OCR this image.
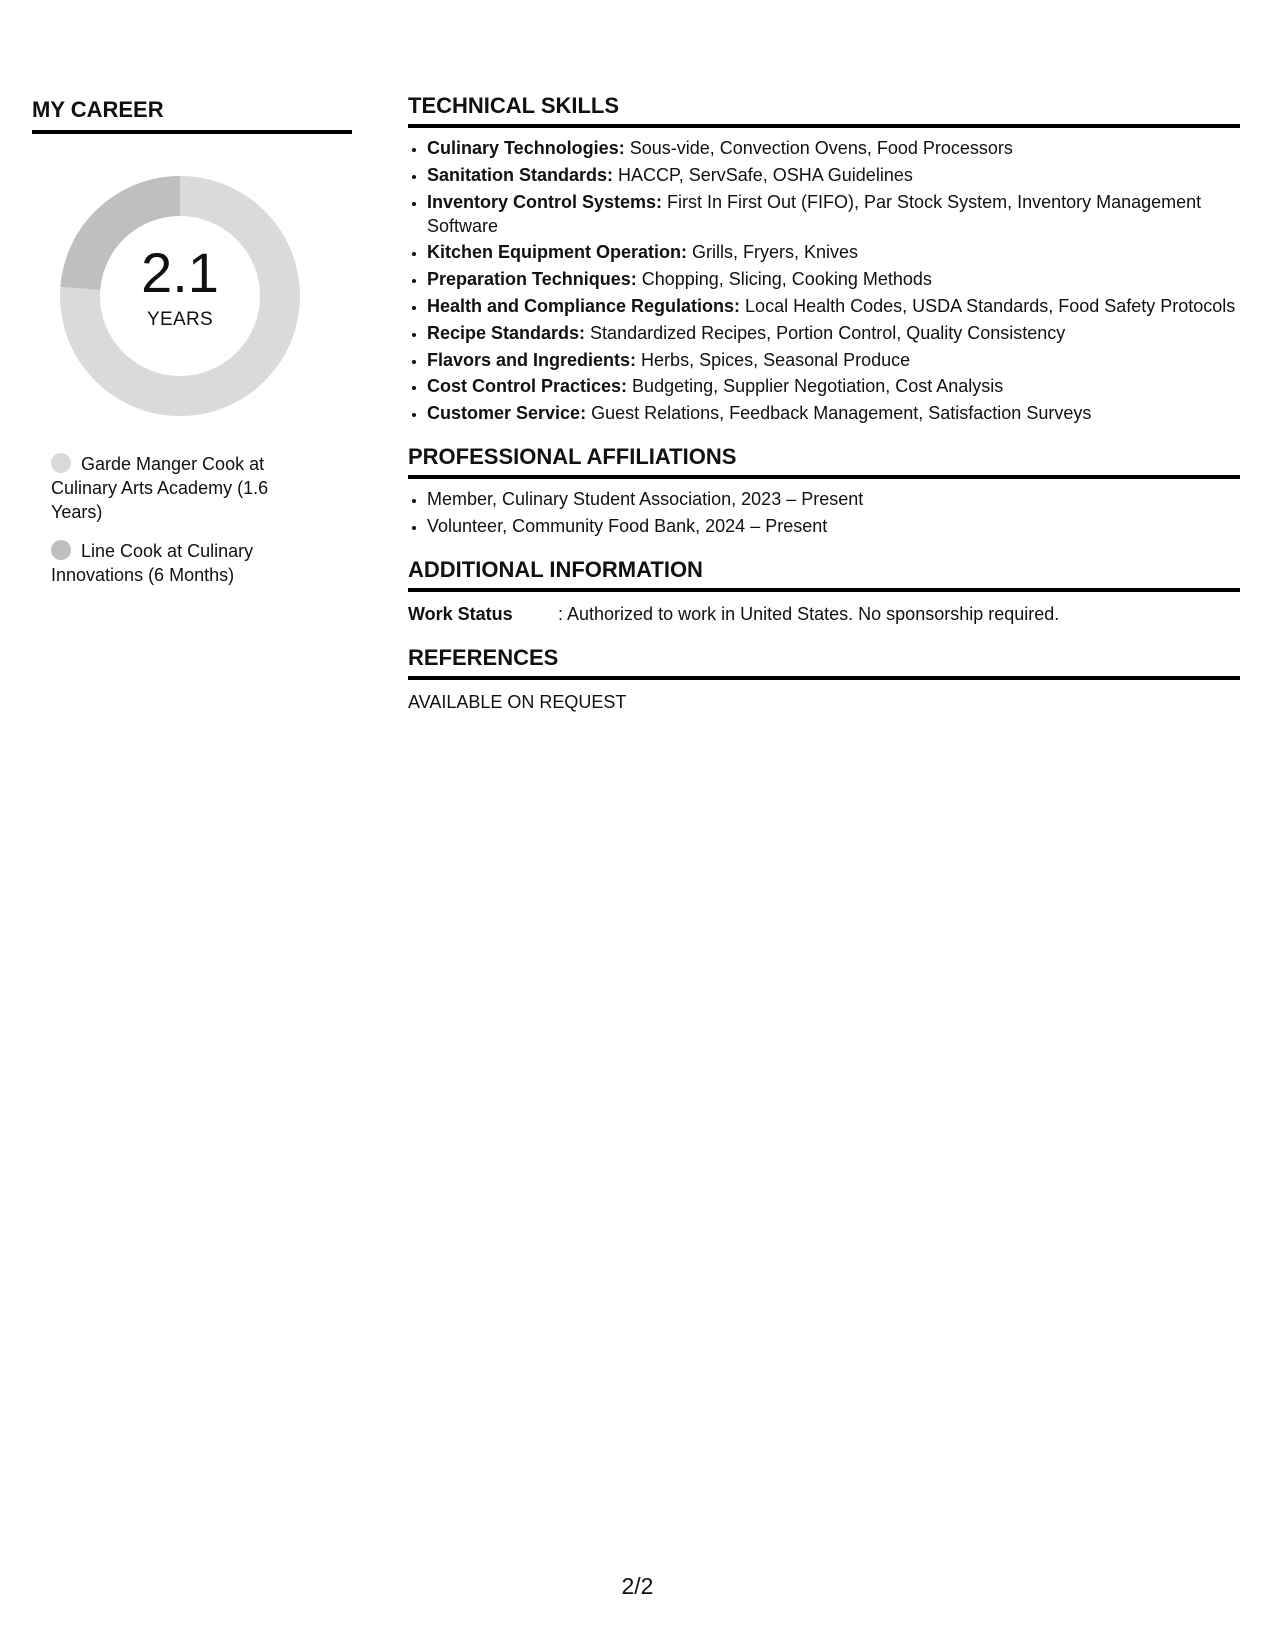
MY CAREER
2.1
YEARS
Garde Manger Cook at Culinary Arts Academy (1.6 Years)
Line Cook at Culinary Innovations (6 Months)
TECHNICAL SKILLS
• Culinary Technologies: Sous-vide, Convection Ovens, Food Processors
• Sanitation Standards: HACCP, ServSafe, OSHA Guidelines
• Inventory Control Systems: First In First Out (FIFO), Par Stock System, Inventory Management Software
• Kitchen Equipment Operation: Grills, Fryers, Knives
• Preparation Techniques: Chopping, Slicing, Cooking Methods
• Health and Compliance Regulations: Local Health Codes, USDA Standards, Food Safety Protocols
• Recipe Standards: Standardized Recipes, Portion Control, Quality Consistency
• Flavors and Ingredients: Herbs, Spices, Seasonal Produce
• Cost Control Practices: Budgeting, Supplier Negotiation, Cost Analysis
• Customer Service: Guest Relations, Feedback Management, Satisfaction Surveys
PROFESSIONAL AFFILIATIONS
• Member, Culinary Student Association, 2023 – Present
• Volunteer, Community Food Bank, 2024 – Present
ADDITIONAL INFORMATION
Work Status	: Authorized to work in United States. No sponsorship required.
REFERENCES
AVAILABLE ON REQUEST
2/2
